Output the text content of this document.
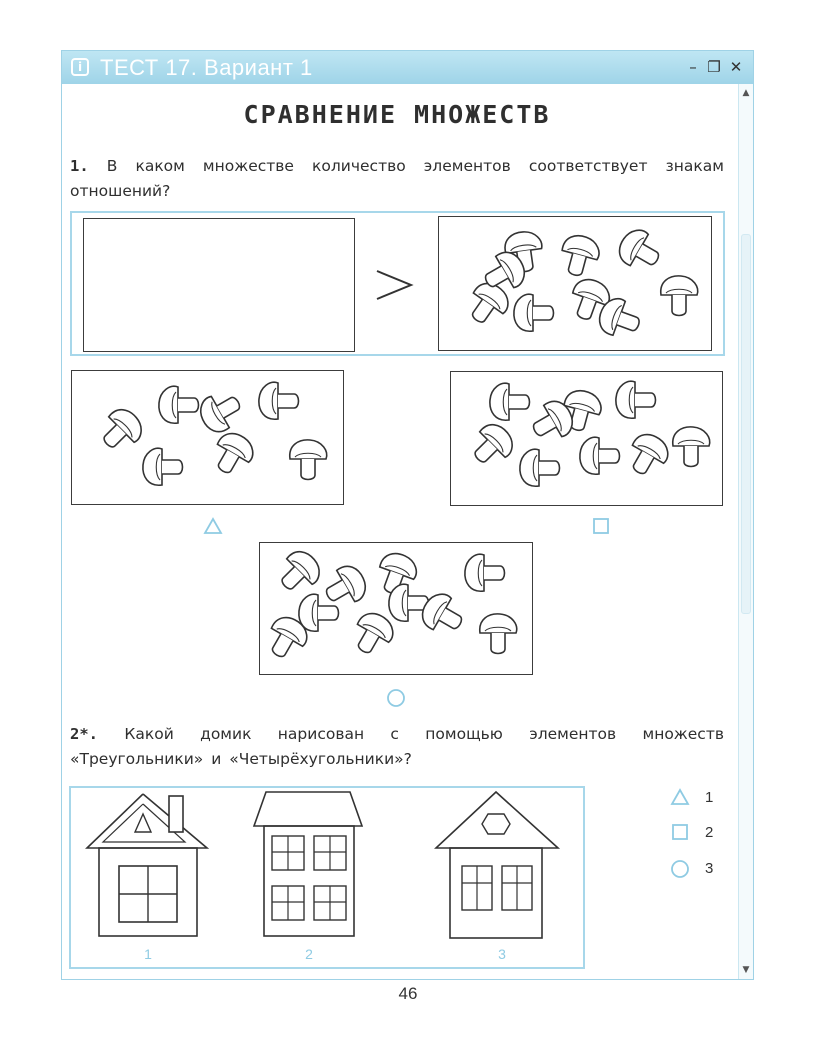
i ТЕСТ 17. Вариант 1	– ❐ ✕
▲
▼
СРАВНЕНИЕ МНОЖЕСТВ
1. В каком множестве количество элементов соответствует знакам отношений?
2*. Какой домик нарисован с помощью элементов множеств «Треугольники» и «Четырёхугольники»?
1	2	3
1
2
3
46
